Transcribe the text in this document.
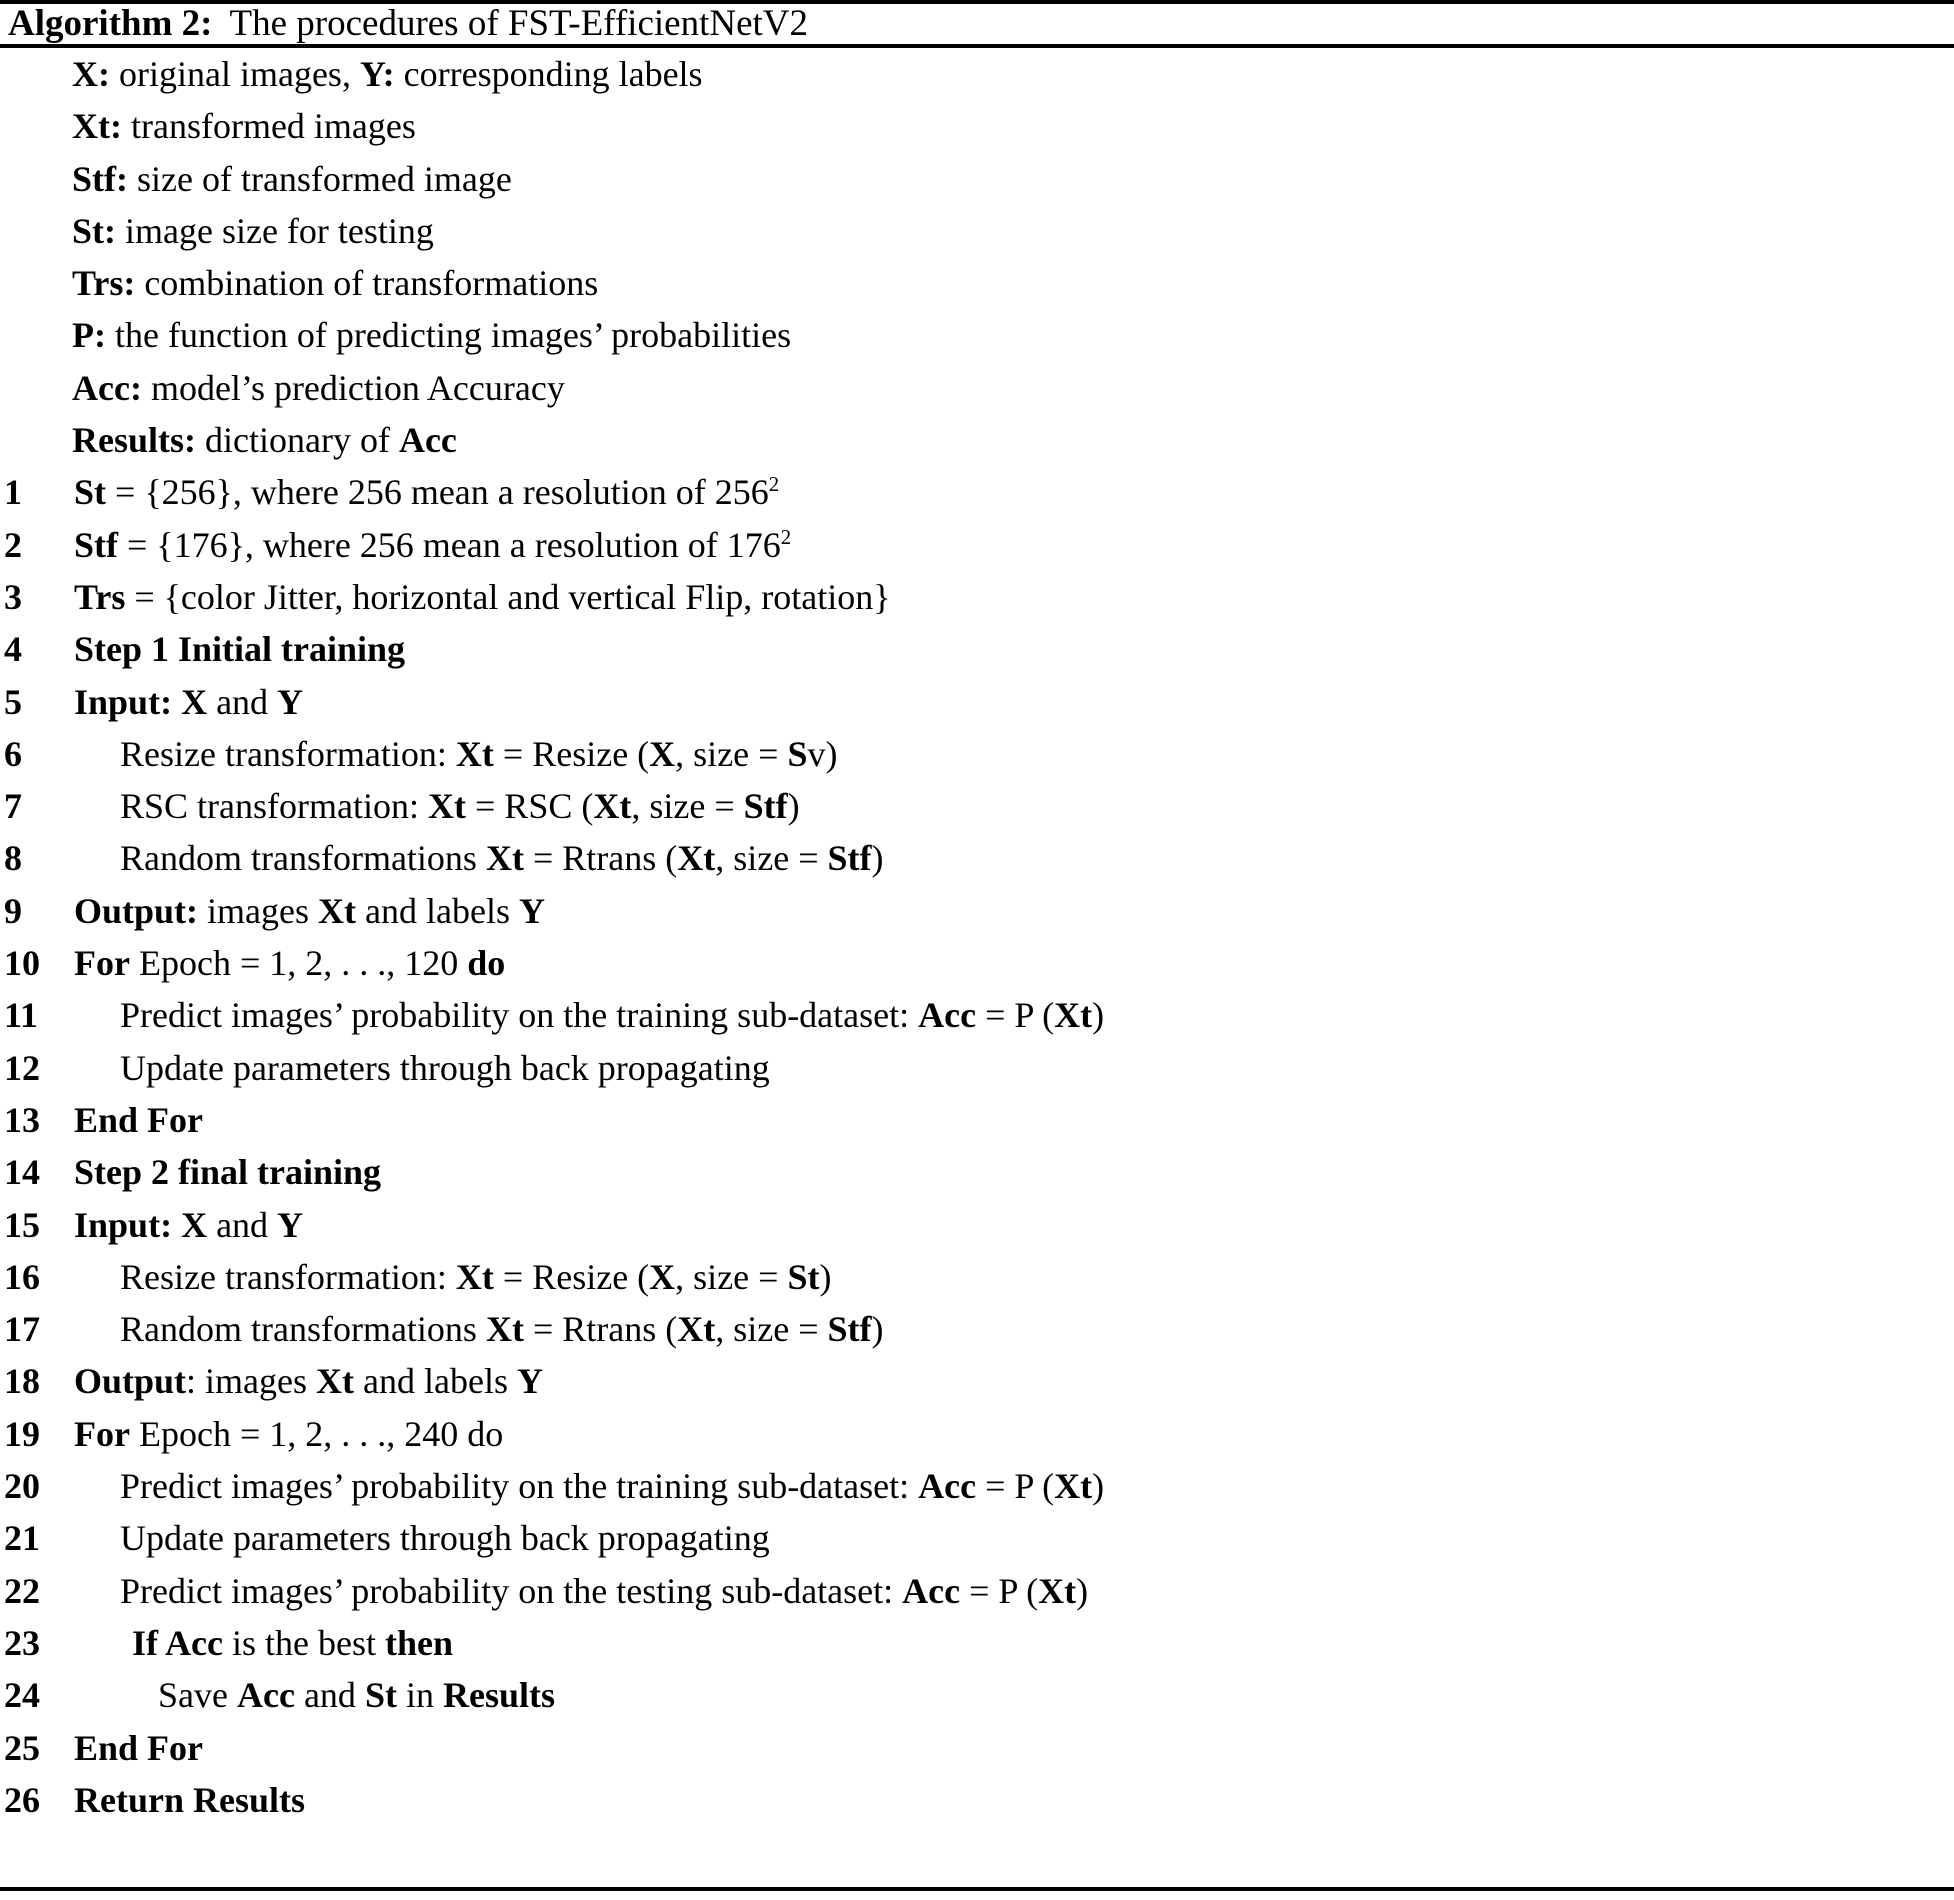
Algorithm 2: The procedures of FST-EfficientNetV2
X: original images, Y: corresponding labels
Xt: transformed images
Stf: size of transformed image
St: image size for testing
Trs: combination of transformations
P: the function of predicting images’ probabilities
Acc: model’s prediction Accuracy
Results: dictionary of Acc
1	St = {256}, where 256 mean a resolution of $256^2$
2	Stf = {176}, where 256 mean a resolution of $176^2$
3	Trs = {color Jitter, horizontal and vertical Flip, rotation}
4	Step 1 Initial training
5	Input: X and Y
6	Resize transformation: Xt = Resize (X, size = Sv)
7	RSC transformation: Xt = RSC (Xt, size = Stf)
8	Random transformations Xt = Rtrans (Xt, size = Stf)
9	Output: images Xt and labels Y
10 For Epoch = 1, 2, . . ., 120 do
11	Predict images’ probability on the training sub-dataset: Acc = P (Xt)
12	Update parameters through back propagating
13 End For
14 Step 2 final training
15 Input: X and Y
16	Resize transformation: Xt = Resize (X, size = St)
17	Random transformations Xt = Rtrans (Xt, size = Stf)
18 Output: images Xt and labels Y
19 For Epoch = 1, 2, . . ., 240 do
20	Predict images’ probability on the training sub-dataset: Acc = P (Xt)
21	Update parameters through back propagating
22	Predict images’ probability on the testing sub-dataset: Acc = P (Xt)
23	If Acc is the best then
24	Save Acc and St in Results
25 End For
26 Return Results
